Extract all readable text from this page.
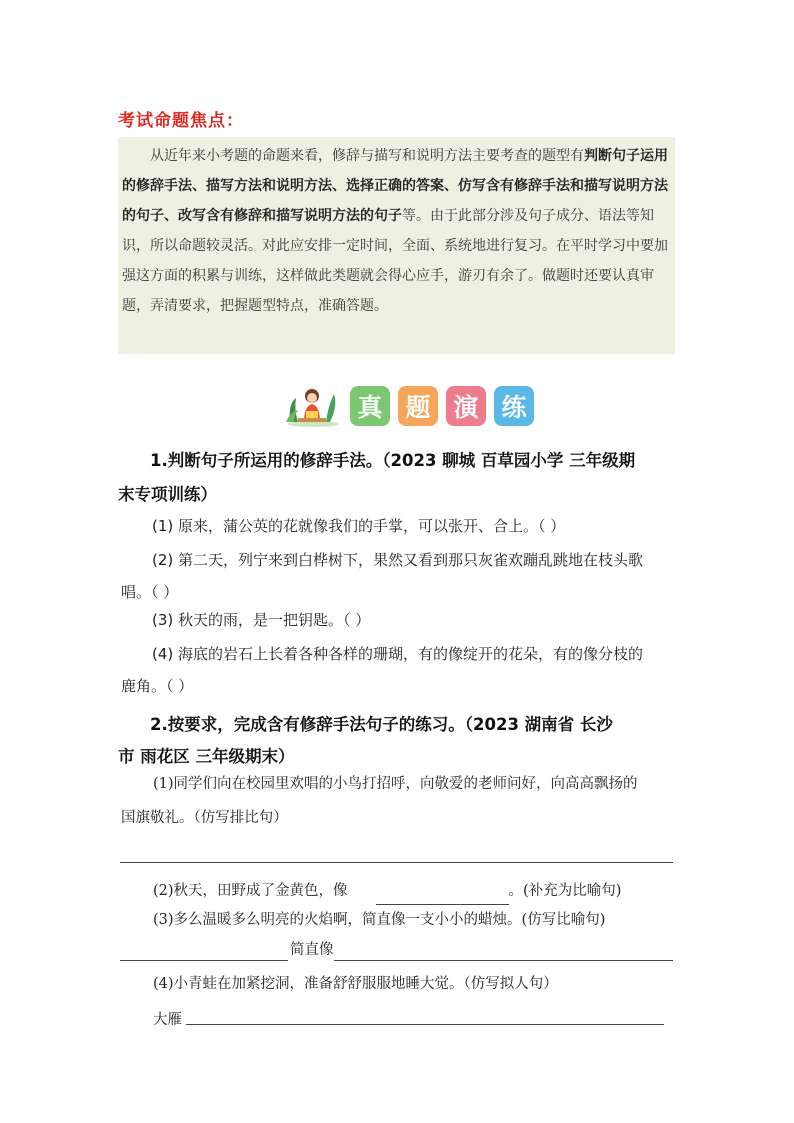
考试命题焦点：

从近年来小考题的命题来看，修辞与描写和说明方法主要考查的题型有判断句子运用的修辞手法、描写方法和说明方法、选择正确的答案、仿写含有修辞手法和描写说明方法的句子、改写含有修辞和描写说明方法的句子等。由于此部分涉及句子成分、语法等知识，所以命题较灵活。对此应安排一定时间，全面、系统地进行复习。在平时学习中要加强这方面的积累与训练，这样做此类题就会得心应手，游刃有余了。做题时还要认真审题，弄清要求，把握题型特点，准确答题。

真 题 演 练
1.判断句子所运用的修辞手法。（2023 聊城 百草园小学 三年级期
末专项训练）
(1) 原来，蒲公英的花就像我们的手掌，可以张开、合上。（ ）
(2) 第二天，列宁来到白桦树下，果然又看到那只灰雀欢蹦乱跳地在枝头歌
唱。（ ）
(3) 秋天的雨，是一把钥匙。（ ）
(4) 海底的岩石上长着各种各样的珊瑚，有的像绽开的花朵，有的像分枝的
鹿角。（ ）
2.按要求，完成含有修辞手法句子的练习。（2023 湖南省 长沙
市 雨花区 三年级期末）
(1)同学们向在校园里欢唱的小鸟打招呼，向敬爱的老师问好，向高高飘扬的
国旗敬礼。（仿写排比句）
(2)秋天，田野成了金黄色，像	。(补充为比喻句)
(3)多么温暖多么明亮的火焰啊，简直像一支小小的蜡烛。(仿写比喻句)
简直像
(4)小青蛙在加紧挖洞，准备舒舒服服地睡大觉。（仿写拟人句）
大雁
